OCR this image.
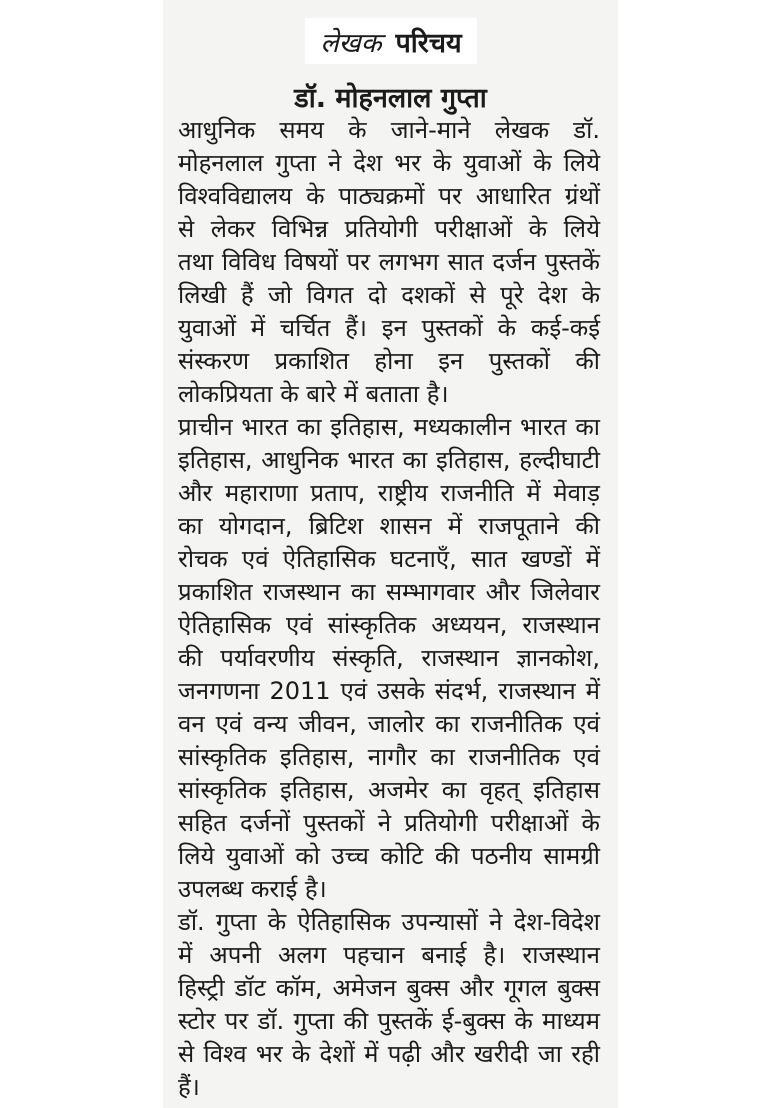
लेखक परिचय
डॉ. मोहनलाल गुप्ता
आधुनिक समय के जाने-माने लेखक डॉ.
मोहनलाल गुप्ता ने देश भर के युवाओं के लिये
विश्वविद्यालय के पाठ्यक्रमों पर आधारित ग्रंथों
से लेकर विभिन्न प्रतियोगी परीक्षाओं के लिये
तथा विविध विषयों पर लगभग सात दर्जन पुस्तकें
लिखी हैं जो विगत दो दशकों से पूरे देश के
युवाओं में चर्चित हैं। इन पुस्तकों के कई-कई
संस्करण प्रकाशित होना इन पुस्तकों की
लोकप्रियता के बारे में बताता है।
प्राचीन भारत का इतिहास, मध्यकालीन भारत का
इतिहास, आधुनिक भारत का इतिहास, हल्दीघाटी
और महाराणा प्रताप, राष्ट्रीय राजनीति में मेवाड़
का योगदान, ब्रिटिश शासन में राजपूताने की
रोचक एवं ऐतिहासिक घटनाएँ, सात खण्डों में
प्रकाशित राजस्थान का सम्भागवार और जिलेवार
ऐतिहासिक एवं सांस्कृतिक अध्ययन, राजस्थान
की पर्यावरणीय संस्कृति, राजस्थान ज्ञानकोश,
जनगणना 2011 एवं उसके संदर्भ, राजस्थान में
वन एवं वन्य जीवन, जालोर का राजनीतिक एवं
सांस्कृतिक इतिहास, नागौर का राजनीतिक एवं
सांस्कृतिक इतिहास, अजमेर का वृहत् इतिहास
सहित दर्जनों पुस्तकों ने प्रतियोगी परीक्षाओं के
लिये युवाओं को उच्च कोटि की पठनीय सामग्री
उपलब्ध कराई है।
डॉ. गुप्ता के ऐतिहासिक उपन्यासों ने देश-विदेश
में अपनी अलग पहचान बनाई है। राजस्थान
हिस्ट्री डॉट कॉम, अमेजन बुक्स और गूगल बुक्स
स्टोर पर डॉ. गुप्ता की पुस्तकें ई-बुक्स के माध्यम
से विश्व भर के देशों में पढ़ी और खरीदी जा रही
हैं।
